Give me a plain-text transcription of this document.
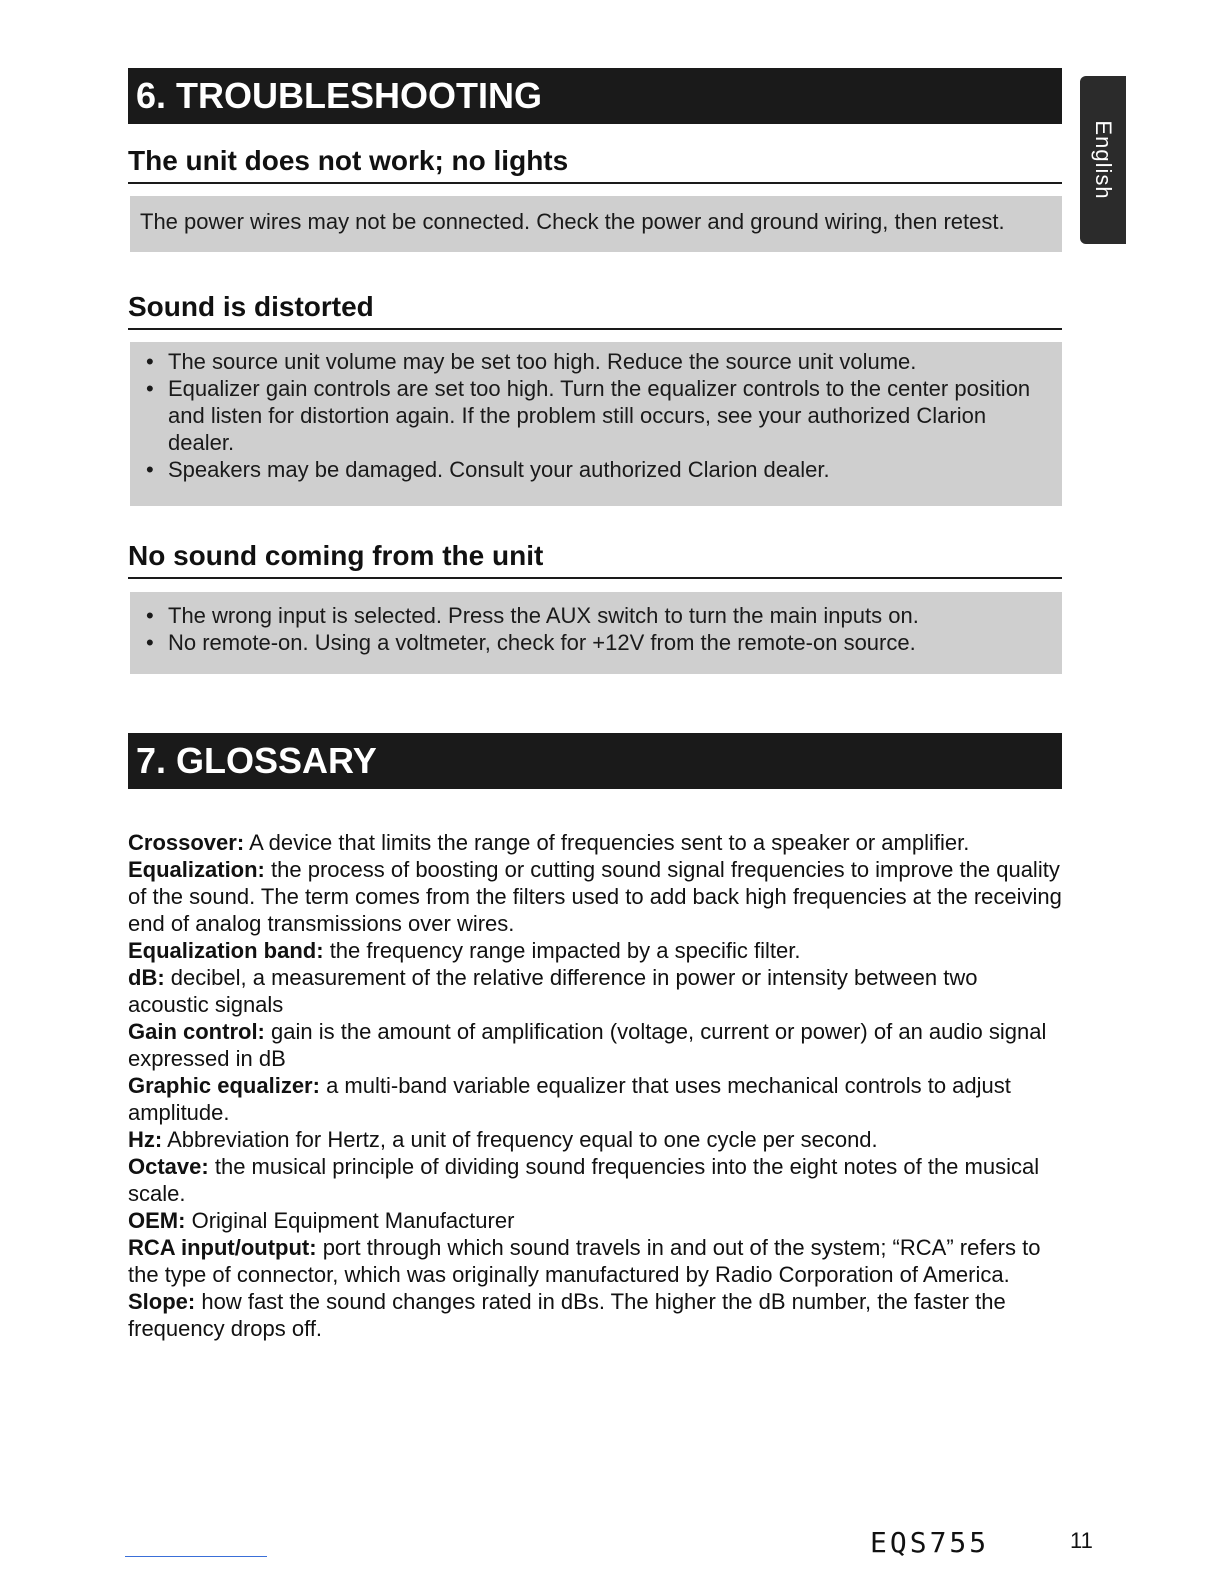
English
6. TROUBLESHOOTING
The unit does not work; no lights
The power wires may not be connected. Check the power and ground wiring, then retest.
Sound is distorted
• The source unit volume may be set too high. Reduce the source unit volume.
• Equalizer gain controls are set too high. Turn the equalizer controls to the center position and listen for distortion again. If the problem still occurs, see your authorized Clarion dealer.
• Speakers may be damaged. Consult your authorized Clarion dealer.
No sound coming from the unit
• The wrong input is selected. Press the AUX switch to turn the main inputs on.
• No remote-on. Using a voltmeter, check for +12V from the remote-on source.
7. GLOSSARY

Crossover: A device that limits the range of frequencies sent to a speaker or amplifier.

Equalization: the process of boosting or cutting sound signal frequencies to improve the quality of the sound. The term comes from the filters used to add back high frequencies at the receiving end of analog transmissions over wires.

Equalization band: the frequency range impacted by a specific filter.

dB: decibel, a measurement of the relative difference in power or intensity between two acoustic signals

Gain control: gain is the amount of amplification (voltage, current or power) of an audio signal expressed in dB

Graphic equalizer: a multi-band variable equalizer that uses mechanical controls to adjust amplitude.

Hz: Abbreviation for Hertz, a unit of frequency equal to one cycle per second.

Octave: the musical principle of dividing sound frequencies into the eight notes of the musical scale.

OEM: Original Equipment Manufacturer

RCA input/output: port through which sound travels in and out of the system; “RCA” refers to the type of connector, which was originally manufactured by Radio Corporation of America.

Slope: how fast the sound changes rated in dBs. The higher the dB number, the faster the frequency drops off.

EQS755	11
